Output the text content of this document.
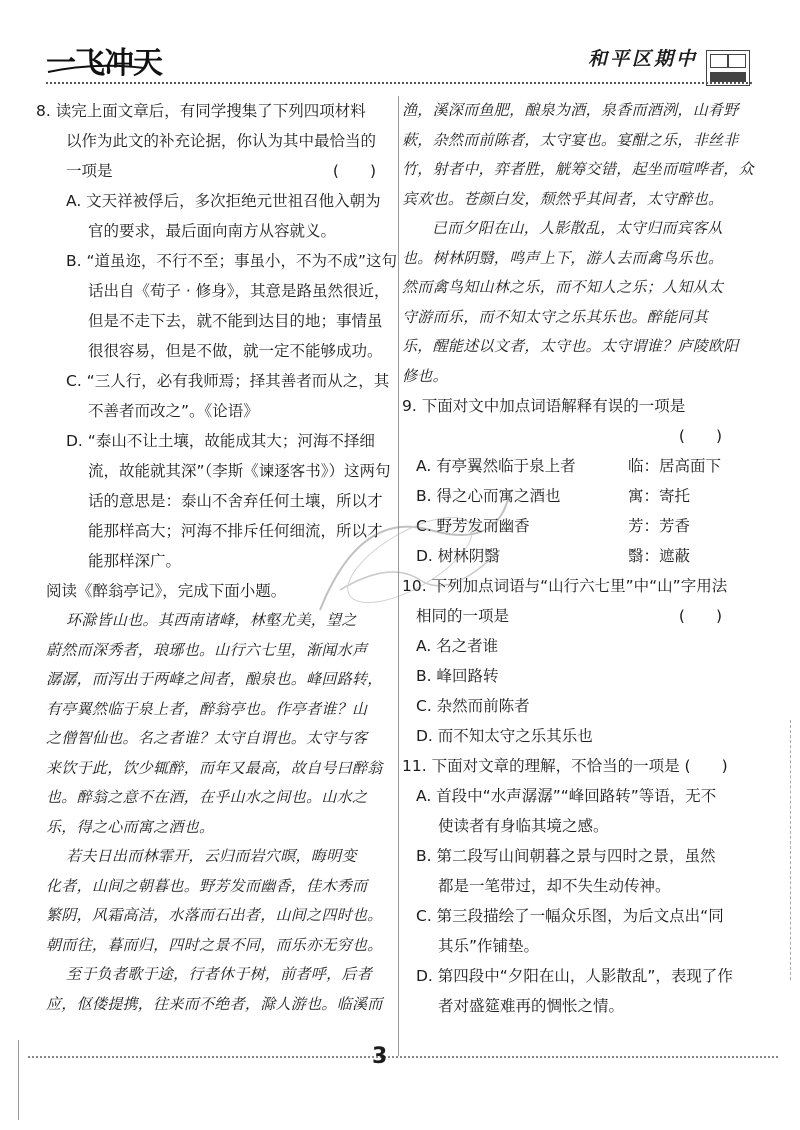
一飞冲天	和平区期中
8. 读完上面文章后，有同学搜集了下列四项材料
以作为此文的补充论据，你认为其中最恰当的
一项是	(　　)
A. 文天祥被俘后，多次拒绝元世祖召他入朝为
官的要求，最后面向南方从容就义。
B. “道虽迩，不行不至；事虽小，不为不成”这句
话出自《荀子 · 修身》，其意是路虽然很近，
但是不走下去，就不能到达目的地；事情虽
很很容易，但是不做，就一定不能够成功。
C. “三人行，必有我师焉；择其善者而从之，其
不善者而改之”。《论语》
D. “泰山不让土壤，故能成其大；河海不择细
流，故能就其深”（李斯《谏逐客书》）这两句
话的意思是：泰山不舍弃任何土壤，所以才
能那样高大；河海不排斥任何细流，所以才
能那样深广。
阅读《醉翁亭记》，完成下面小题。
环滁皆山也。其西南诸峰，林壑尤美，望之
蔚然而深秀者，琅琊也。山行六七里，渐闻水声
潺潺，而泻出于两峰之间者，酿泉也。峰回路转，
有亭翼然临于泉上者，醉翁亭也。作亭者谁？山
之僧智仙也。名之者谁？太守自谓也。太守与客
来饮于此，饮少辄醉，而年又最高，故自号曰醉翁
也。醉翁之意不在酒，在乎山水之间也。山水之
乐，得之心而寓之酒也。
若夫日出而林霏开，云归而岩穴暝，晦明变
化者，山间之朝暮也。野芳发而幽香，佳木秀而
繁阴，风霜高洁，水落而石出者，山间之四时也。
朝而往，暮而归，四时之景不同，而乐亦无穷也。
至于负者歌于途，行者休于树，前者呼，后者
应，伛偻提携，往来而不绝者，滁人游也。临溪而
渔，溪深而鱼肥，酿泉为酒，泉香而酒洌，山肴野
蔌，杂然而前陈者，太守宴也。宴酣之乐，非丝非
竹，射者中，弈者胜，觥筹交错，起坐而喧哗者，众
宾欢也。苍颜白发，颓然乎其间者，太守醉也。
已而夕阳在山，人影散乱，太守归而宾客从
也。树林阴翳，鸣声上下，游人去而禽鸟乐也。
然而禽鸟知山林之乐，而不知人之乐；人知从太
守游而乐，而不知太守之乐其乐也。醉能同其
乐，醒能述以文者，太守也。太守谓谁？庐陵欧阳
修也。
9. 下面对文中加点词语解释有误的一项是
(　　)
A. 有亭翼然临于泉上者	临：居高面下
B. 得之心而寓之酒也	寓：寄托
C. 野芳发而幽香	芳：芳香
D. 树林阴翳	翳：遮蔽
10. 下列加点词语与“山行六七里”中“山”字用法
相同的一项是	(　　)
A. 名之者谁
B. 峰回路转
C. 杂然而前陈者
D. 而不知太守之乐其乐也
11. 下面对文章的理解，不恰当的一项是 (　　)
A. 首段中“水声潺潺”“峰回路转”等语，无不
使读者有身临其境之感。
B. 第二段写山间朝暮之景与四时之景，虽然
都是一笔带过，却不失生动传神。
C. 第三段描绘了一幅众乐图，为后文点出“同
其乐”作铺垫。
D. 第四段中“夕阳在山，人影散乱”，表现了作
者对盛筵难再的惆怅之情。
3
